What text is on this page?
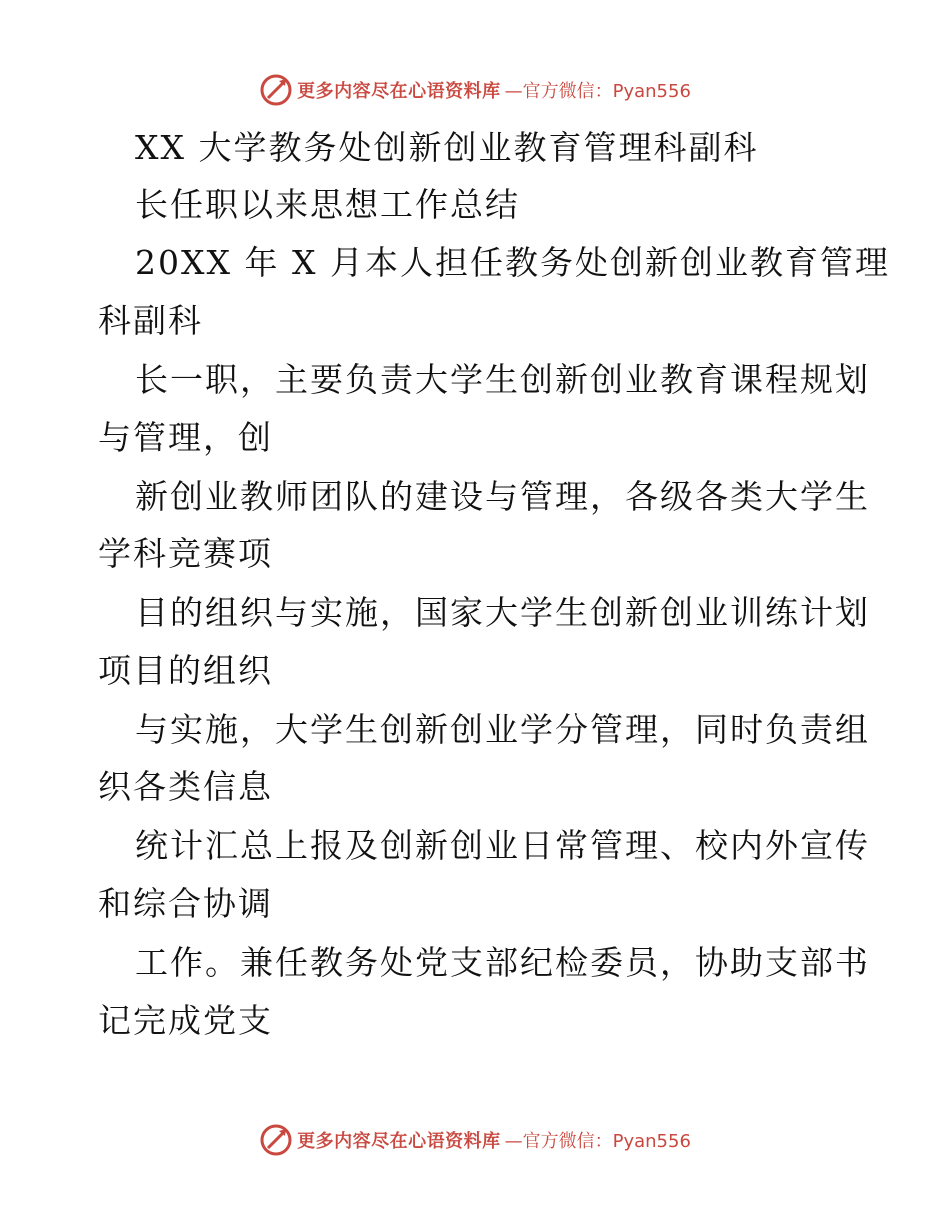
更多内容尽在心语资料库 —官方微信：Pyan556
XX 大学教务处创新创业教育管理科副科
长任职以来思想工作总结
20XX 年 X 月本人担任教务处创新创业教育管理
科副科
长一职，主要负责大学生创新创业教育课程规划
与管理，创
新创业教师团队的建设与管理，各级各类大学生
学科竞赛项
目的组织与实施，国家大学生创新创业训练计划
项目的组织
与实施，大学生创新创业学分管理，同时负责组
织各类信息
统计汇总上报及创新创业日常管理、校内外宣传
和综合协调
工作。兼任教务处党支部纪检委员，协助支部书
记完成党支
更多内容尽在心语资料库 —官方微信：Pyan556
